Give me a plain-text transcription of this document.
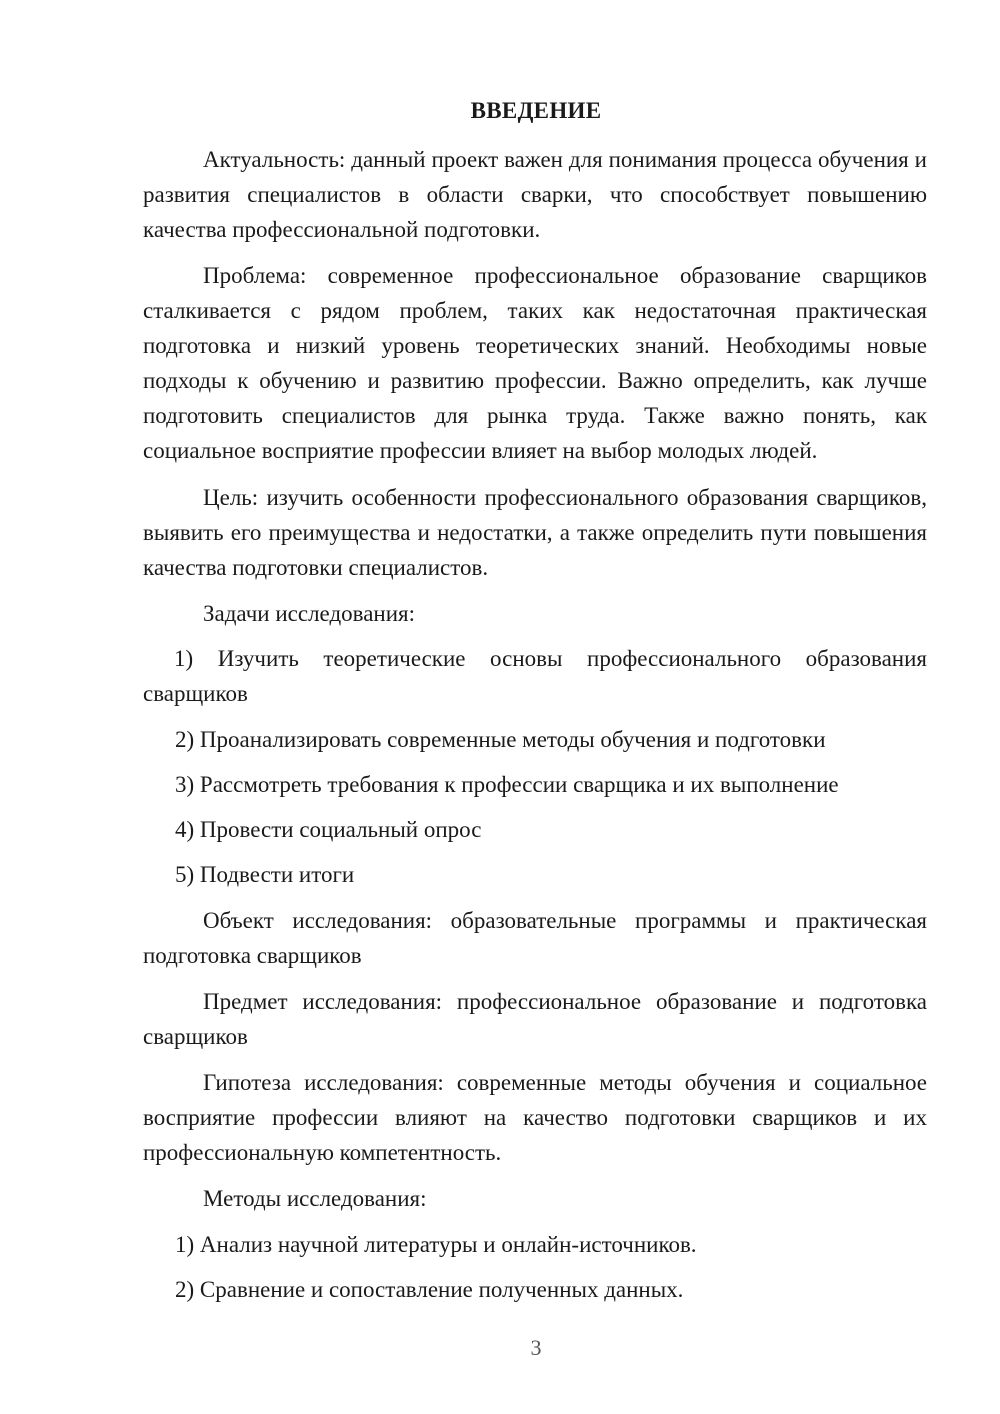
ВВЕДЕНИЕ

Актуальность: данный проект важен для понимания процесса обучения и развития специалистов в области сварки, что способствует повышению качества профессиональной подготовки.

Проблема: современное профессиональное образование сварщиков сталкивается с рядом проблем, таких как недостаточная практическая подготовка и низкий уровень теоретических знаний. Необходимы новые подходы к обучению и развитию профессии. Важно определить, как лучше подготовить специалистов для рынка труда. Также важно понять, как социальное восприятие профессии влияет на выбор молодых людей.

Цель: изучить особенности профессионального образования сварщиков, выявить его преимущества и недостатки, а также определить пути повышения качества подготовки специалистов.

Задачи исследования:

1) Изучить теоретические основы профессионального образования сварщиков

2) Проанализировать современные методы обучения и подготовки

3) Рассмотреть требования к профессии сварщика и их выполнение

4) Провести социальный опрос

5) Подвести итоги

Объект исследования: образовательные программы и практическая подготовка сварщиков

Предмет исследования: профессиональное образование и подготовка сварщиков

Гипотеза исследования: современные методы обучения и социальное восприятие профессии влияют на качество подготовки сварщиков и их профессиональную компетентность.

Методы исследования:

1) Анализ научной литературы и онлайн-источников.

2) Сравнение и сопоставление полученных данных.

3
